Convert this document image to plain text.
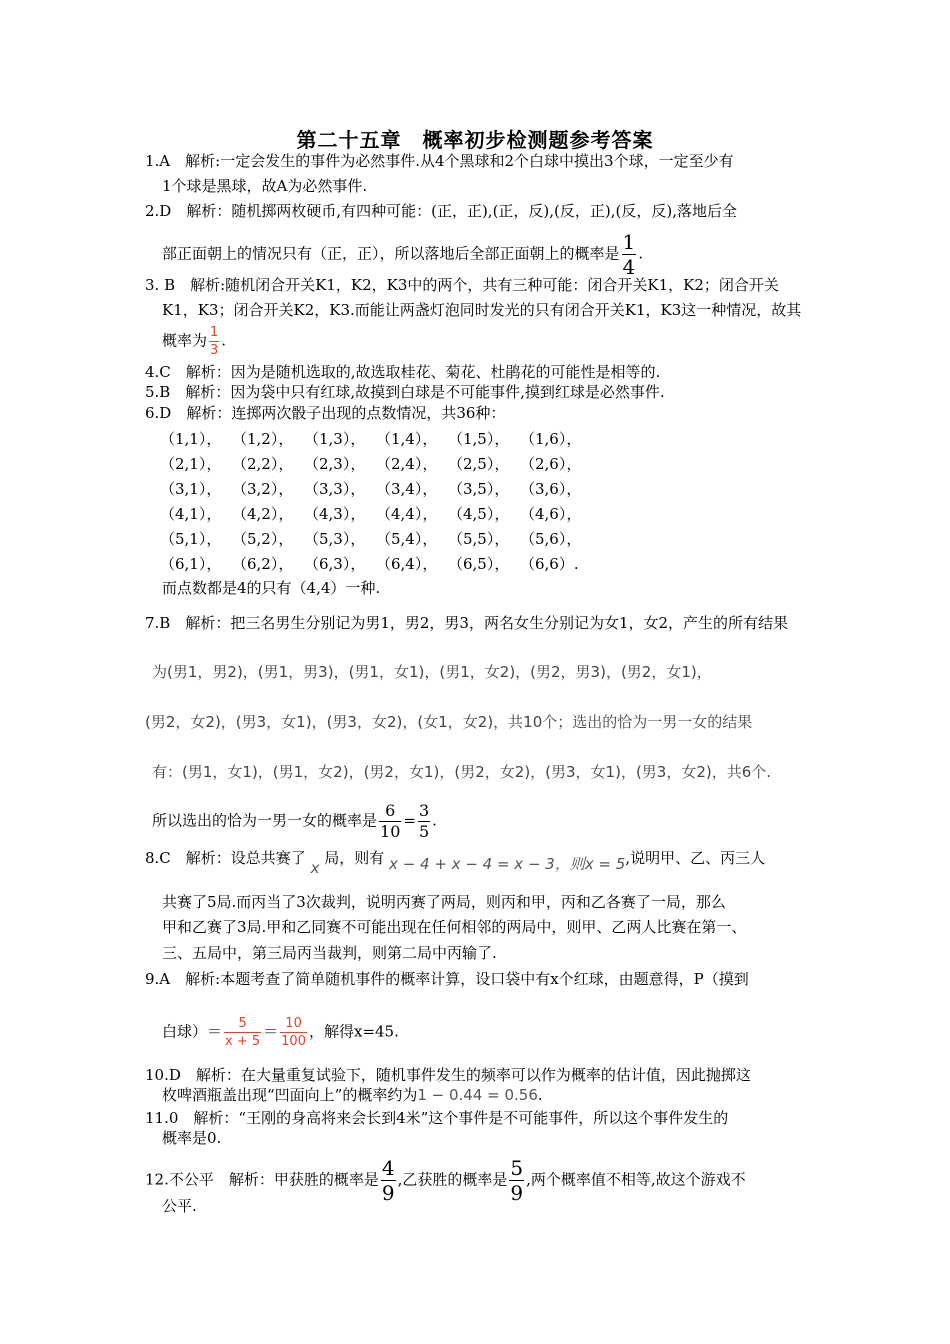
第二十五章　概率初步检测题参考答案
1.A　解析:一定会发生的事件为必然事件.从4个黑球和2个白球中摸出3个球，一定至少有
1个球是黑球，故A为必然事件.
2.D　解析：随机掷两枚硬币,有四种可能：(正，正),(正，反),(反，正),(反，反),落地后全
部正面朝上的情况只有（正，正），所以落地后全部正面朝上的概率是 $\frac{1}{4}$ .
3. B　解析:随机闭合开关K1，K2，K3中的两个，共有三种可能：闭合开关K1，K2；闭合开关
K1，K3；闭合开关K2，K3.而能让两盏灯泡同时发光的只有闭合开关K1，K3这一种情况，故其
概率为 $\frac{1}{3}$ .
4.C　解析：因为是随机选取的,故选取桂花、菊花、杜鹃花的可能性是相等的.
5.B　解析：因为袋中只有红球,故摸到白球是不可能事件,摸到红球是必然事件.
6.D　解析：连掷两次骰子出现的点数情况，共36种：
（1,1）， （1,2）， （1,3）， （1,4）， （1,5）， （1,6），
（2,1）， （2,2）， （2,3）， （2,4）， （2,5）， （2,6），
（3,1）， （3,2）， （3,3）， （3,4）， （3,5）， （3,6），
（4,1）， （4,2）， （4,3）， （4,4）， （4,5）， （4,6），
（5,1）， （5,2）， （5,3）， （5,4）， （5,5）， （5,6），
（6,1）， （6,2）， （6,3）， （6,4）， （6,5）， （6,6）.
而点数都是4的只有（4,4）一种.
7.B　解析：把三名男生分别记为男1，男2，男3，两名女生分别记为女1，女2，产生的所有结果
为(男1，男2)，(男1，男3)，(男1，女1)，(男1，女2)，(男2，男3)，(男2，女1)，
(男2，女2)，(男3，女1)，(男3，女2)，(女1，女2)，共10个；选出的恰为一男一女的结果
有：(男1，女1)，(男1，女2)，(男2，女1)，(男2，女2)，(男3，女1)，(男3，女2)，共6个.
所以选出的恰为一男一女的概率是 $\frac{6}{10} = \frac{3}{5}$ .
8.C　解析：设总共赛了 x 局，则有 x − 4 + x − 4 = x − 3，则x = 5,说明甲、乙、丙三人
共赛了5局.而丙当了3次裁判，说明丙赛了两局，则丙和甲，丙和乙各赛了一局，那么
甲和乙赛了3局.甲和乙同赛不可能出现在任何相邻的两局中，则甲、乙两人比赛在第一、
三、五局中，第三局丙当裁判，则第二局中丙输了.
9.A　解析:本题考查了简单随机事件的概率计算，设口袋中有x个红球，由题意得，P（摸到
白球）＝ $\frac{5}{x + 5} = \frac{10}{100}$ ，解得x=45.
10.D　解析：在大量重复试验下，随机事件发生的频率可以作为概率的估计值，因此抛掷这
枚啤酒瓶盖出现“凹面向上”的概率约为1 − 0.44 = 0.56.
11.0　解析：“王刚的身高将来会长到4米”这个事件是不可能事件，所以这个事件发生的
概率是0.
12.不公平　解析：甲获胜的概率是 $\frac{4}{9}$ ,乙获胜的概率是 $\frac{5}{9}$ ,两个概率值不相等,故这个游戏不
公平.
